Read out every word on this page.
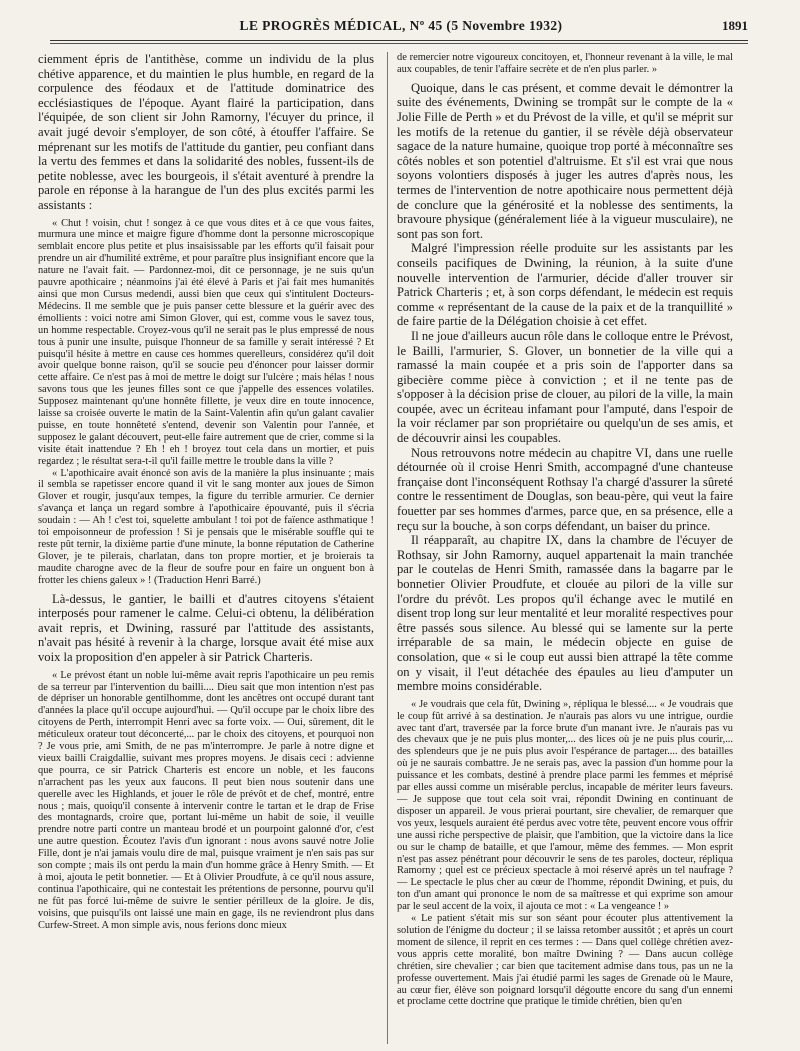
LE PROGRÈS MÉDICAL, Nº 45 (5 Novembre 1932)	1891

ciemment épris de l'antithèse, comme un individu de la plus chétive apparence, et du maintien le plus humble, en regard de la corpulence des féodaux et de l'attitude dominatrice des ecclésiastiques de l'époque. Ayant flairé la participation, dans l'équipée, de son client sir John Ramorny, l'écuyer du prince, il avait jugé devoir s'employer, de son côté, à étouffer l'affaire. Se méprenant sur les motifs de l'attitude du gantier, peu confiant dans la vertu des femmes et dans la solidarité des nobles, fussent-ils de petite noblesse, avec les bourgeois, il s'était aventuré à prendre la parole en réponse à la harangue de l'un des plus excités parmi les assistants :

« Chut ! voisin, chut ! songez à ce que vous dites et à ce que vous faites, murmura une mince et maigre figure d'homme dont la personne microscopique semblait encore plus petite et plus insaisissable par les efforts qu'il faisait pour prendre un air d'humilité extrême, et pour paraître plus insignifiant encore que la nature ne l'avait fait. — Pardonnez-moi, dit ce personnage, je ne suis qu'un pauvre apothicaire ; néanmoins j'ai été élevé à Paris et j'ai fait mes humanités ainsi que mon Cursus medendi, aussi bien que ceux qui s'intitulent Docteurs-Médecins. Il me semble que je puis panser cette blessure et la guérir avec des émollients : voici notre ami Simon Glover, qui est, comme vous le savez tous, un homme respectable. Croyez-vous qu'il ne serait pas le plus empressé de nous tous à punir une insulte, puisque l'honneur de sa famille y serait intéressé ? Et puisqu'il hésite à mettre en cause ces hommes querelleurs, considérez qu'il doit avoir quelque bonne raison, qu'il se soucie peu d'énoncer pour laisser dormir cette affaire. Ce n'est pas à moi de mettre le doigt sur l'ulcère ; mais hélas ! nous savons tous que les jeunes filles sont ce que j'appelle des essences volatiles. Supposez maintenant qu'une honnête fillette, je veux dire en toute innocence, laisse sa croisée ouverte le matin de la Saint-Valentin afin qu'un galant cavalier puisse, en toute honnêteté s'entend, devenir son Valentin pour l'année, et supposez le galant découvert, peut-elle faire autrement que de crier, comme si la visite était inattendue ? Eh ! eh ! broyez tout cela dans un mortier, et puis regardez ; le résultat sera-t-il qu'il faille mettre le trouble dans la ville ?

« L'apothicaire avait énoncé son avis de la manière la plus insinuante ; mais il sembla se rapetisser encore quand il vit le sang monter aux joues de Simon Glover et rougir, jusqu'aux tempes, la figure du terrible armurier. Ce dernier s'avança et lança un regard sombre à l'apothicaire épouvanté, puis il s'écria soudain : — Ah ! c'est toi, squelette ambulant ! toi pot de faïence asthmatique ! toi empoisonneur de profession ! Si je pensais que le misérable souffle qui te reste pût ternir, la dixième partie d'une minute, la bonne réputation de Catherine Glover, je te pilerais, charlatan, dans ton propre mortier, et je broierais ta maudite charogne avec de la fleur de soufre pour en faire un onguent bon à frotter les chiens galeux » ! (Traduction Henri Barré.)

Là-dessus, le gantier, le bailli et d'autres citoyens s'étaient interposés pour ramener le calme. Celui-ci obtenu, la délibération avait repris, et Dwining, rassuré par l'attitude des assistants, n'avait pas hésité à revenir à la charge, lorsque avait été mise aux voix la proposition d'en appeler à sir Patrick Charteris.

« Le prévost étant un noble lui-même avait repris l'apothicaire un peu remis de sa terreur par l'intervention du bailli.... Dieu sait que mon intention n'est pas de dépriser un honorable gentilhomme, dont les ancêtres ont occupé durant tant d'années la place qu'il occupe aujourd'hui. — Qu'il occupe par le choix libre des citoyens de Perth, interrompit Henri avec sa forte voix. — Oui, sûrement, dit le méticuleux orateur tout déconcerté,... par le choix des citoyens, et pourquoi non ? Je vous prie, ami Smith, de ne pas m'interrompre. Je parle à notre digne et vieux bailli Craigdallie, suivant mes propres moyens. Je disais ceci : advienne que pourra, ce sir Patrick Charteris est encore un noble, et les faucons n'arrachent pas les yeux aux faucons. Il peut bien nous soutenir dans une querelle avec les Highlands, et jouer le rôle de prévôt et de chef, montré, entre nous ; mais, quoiqu'il consente à intervenir contre le tartan et le drap de Frise des montagnards, croire que, portant lui-même un habit de soie, il veuille prendre notre parti contre un manteau brodé et un pourpoint galonné d'or, c'est une autre question. Écoutez l'avis d'un ignorant : nous avons sauvé notre Jolie Fille, dont je n'ai jamais voulu dire de mal, puisque vraiment je n'en sais pas sur son compte ; mais ils ont perdu la main d'un homme grâce à Henry Smith. — Et à moi, ajouta le petit bonnetier. — Et à Olivier Proudfute, à ce qu'il nous assure, continua l'apothicaire, qui ne contestait les prétentions de personne, pourvu qu'il ne fût pas forcé lui-même de suivre le sentier périlleux de la gloire. Je dis, voisins, que puisqu'ils ont laissé une main en gage, ils ne reviendront plus dans Curfew-Street. A mon simple avis, nous ferions donc mieux

de remercier notre vigoureux concitoyen, et, l'honneur revenant à la ville, le mal aux coupables, de tenir l'affaire secrète et de n'en plus parler. »

Quoique, dans le cas présent, et comme devait le démontrer la suite des événements, Dwining se trompât sur le compte de la « Jolie Fille de Perth » et du Prévost de la ville, et qu'il se méprit sur les motifs de la retenue du gantier, il se révèle déjà observateur sagace de la nature humaine, quoique trop porté à méconnaître ses côtés nobles et son potentiel d'altruisme. Et s'il est vrai que nous soyons volontiers disposés à juger les autres d'après nous, les termes de l'intervention de notre apothicaire nous permettent déjà de conclure que la générosité et la noblesse des sentiments, la bravoure physique (généralement liée à la vigueur musculaire), ne sont pas son fort.

Malgré l'impression réelle produite sur les assistants par les conseils pacifiques de Dwining, la réunion, à la suite d'une nouvelle intervention de l'armurier, décide d'aller trouver sir Patrick Charteris ; et, à son corps défendant, le médecin est requis comme « représentant de la cause de la paix et de la tranquillité » de faire partie de la Délégation choisie à cet effet.

Il ne joue d'ailleurs aucun rôle dans le colloque entre le Prévost, le Bailli, l'armurier, S. Glover, un bonnetier de la ville qui a ramassé la main coupée et a pris soin de l'apporter dans sa gibecière comme pièce à conviction ; et il ne tente pas de s'opposer à la décision prise de clouer, au pilori de la ville, la main coupée, avec un écriteau infamant pour l'amputé, dans l'espoir de la voir réclamer par son propriétaire ou quelqu'un de ses amis, et de découvrir ainsi les coupables.

Nous retrouvons notre médecin au chapitre VI, dans une ruelle détournée où il croise Henri Smith, accompagné d'une chanteuse française dont l'inconséquent Rothsay l'a chargé d'assurer la sûreté contre le ressentiment de Douglas, son beau-père, qui veut la faire fouetter par ses hommes d'armes, parce que, en sa présence, elle a reçu sur la bouche, à son corps défendant, un baiser du prince.

Il réapparaît, au chapitre IX, dans la chambre de l'écuyer de Rothsay, sir John Ramorny, auquel appartenait la main tranchée par le coutelas de Henri Smith, ramassée dans la bagarre par le bonnetier Olivier Proudfute, et clouée au pilori de la ville sur l'ordre du prévôt. Les propos qu'il échange avec le mutilé en disent trop long sur leur mentalité et leur moralité respectives pour être passés sous silence. Au blessé qui se lamente sur la perte irréparable de sa main, le médecin objecte en guise de consolation, que « si le coup eut aussi bien attrapé la tête comme on y visait, il l'eut détachée des épaules au lieu d'amputer un membre moins considérable.

« Je voudrais que cela fût, Dwining », répliqua le blessé.... « Je voudrais que le coup fût arrivé à sa destination. Je n'aurais pas alors vu une intrigue, ourdie avec tant d'art, traversée par la force brute d'un manant ivre. Je n'aurais pas vu des chevaux que je ne puis plus monter,... des lices où je ne puis plus courir,... des splendeurs que je ne puis plus avoir l'espérance de partager.... des batailles où je ne saurais combattre. Je ne serais pas, avec la passion d'un homme pour la puissance et les combats, destiné à prendre place parmi les femmes et méprisé par elles aussi comme un misérable perclus, incapable de mériter leurs faveurs. — Je suppose que tout cela soit vrai, répondit Dwining en continuant de disposer un appareil. Je vous prierai pourtant, sire chevalier, de remarquer que vos yeux, lesquels auraient été perdus avec votre tête, peuvent encore vous offrir une aussi riche perspective de plaisir, que l'ambition, que la victoire dans la lice ou sur le champ de bataille, et que l'amour, même des femmes. — Mon esprit n'est pas assez pénétrant pour découvrir le sens de tes paroles, docteur, répliqua Ramorny ; quel est ce précieux spectacle à moi réservé après un tel naufrage ? — Le spectacle le plus cher au cœur de l'homme, répondit Dwining, et puis, du ton d'un amant qui prononce le nom de sa maîtresse et qui exprime son amour par le seul accent de la voix, il ajouta ce mot : « La vengeance ! »

« Le patient s'était mis sur son séant pour écouter plus attentivement la solution de l'énigme du docteur ; il se laissa retomber aussitôt ; et après un court moment de silence, il reprit en ces termes : — Dans quel collège chrétien avez-vous appris cette moralité, bon maître Dwining ? — Dans aucun collège chrétien, sire chevalier ; car bien que tacitement admise dans tous, pas un ne la professe ouvertement. Mais j'ai étudié parmi les sages de Grenade où le Maure, au cœur fier, élève son poignard lorsqu'il dégoutte encore du sang d'un ennemi et proclame cette doctrine que pratique le timide chrétien, bien qu'en
